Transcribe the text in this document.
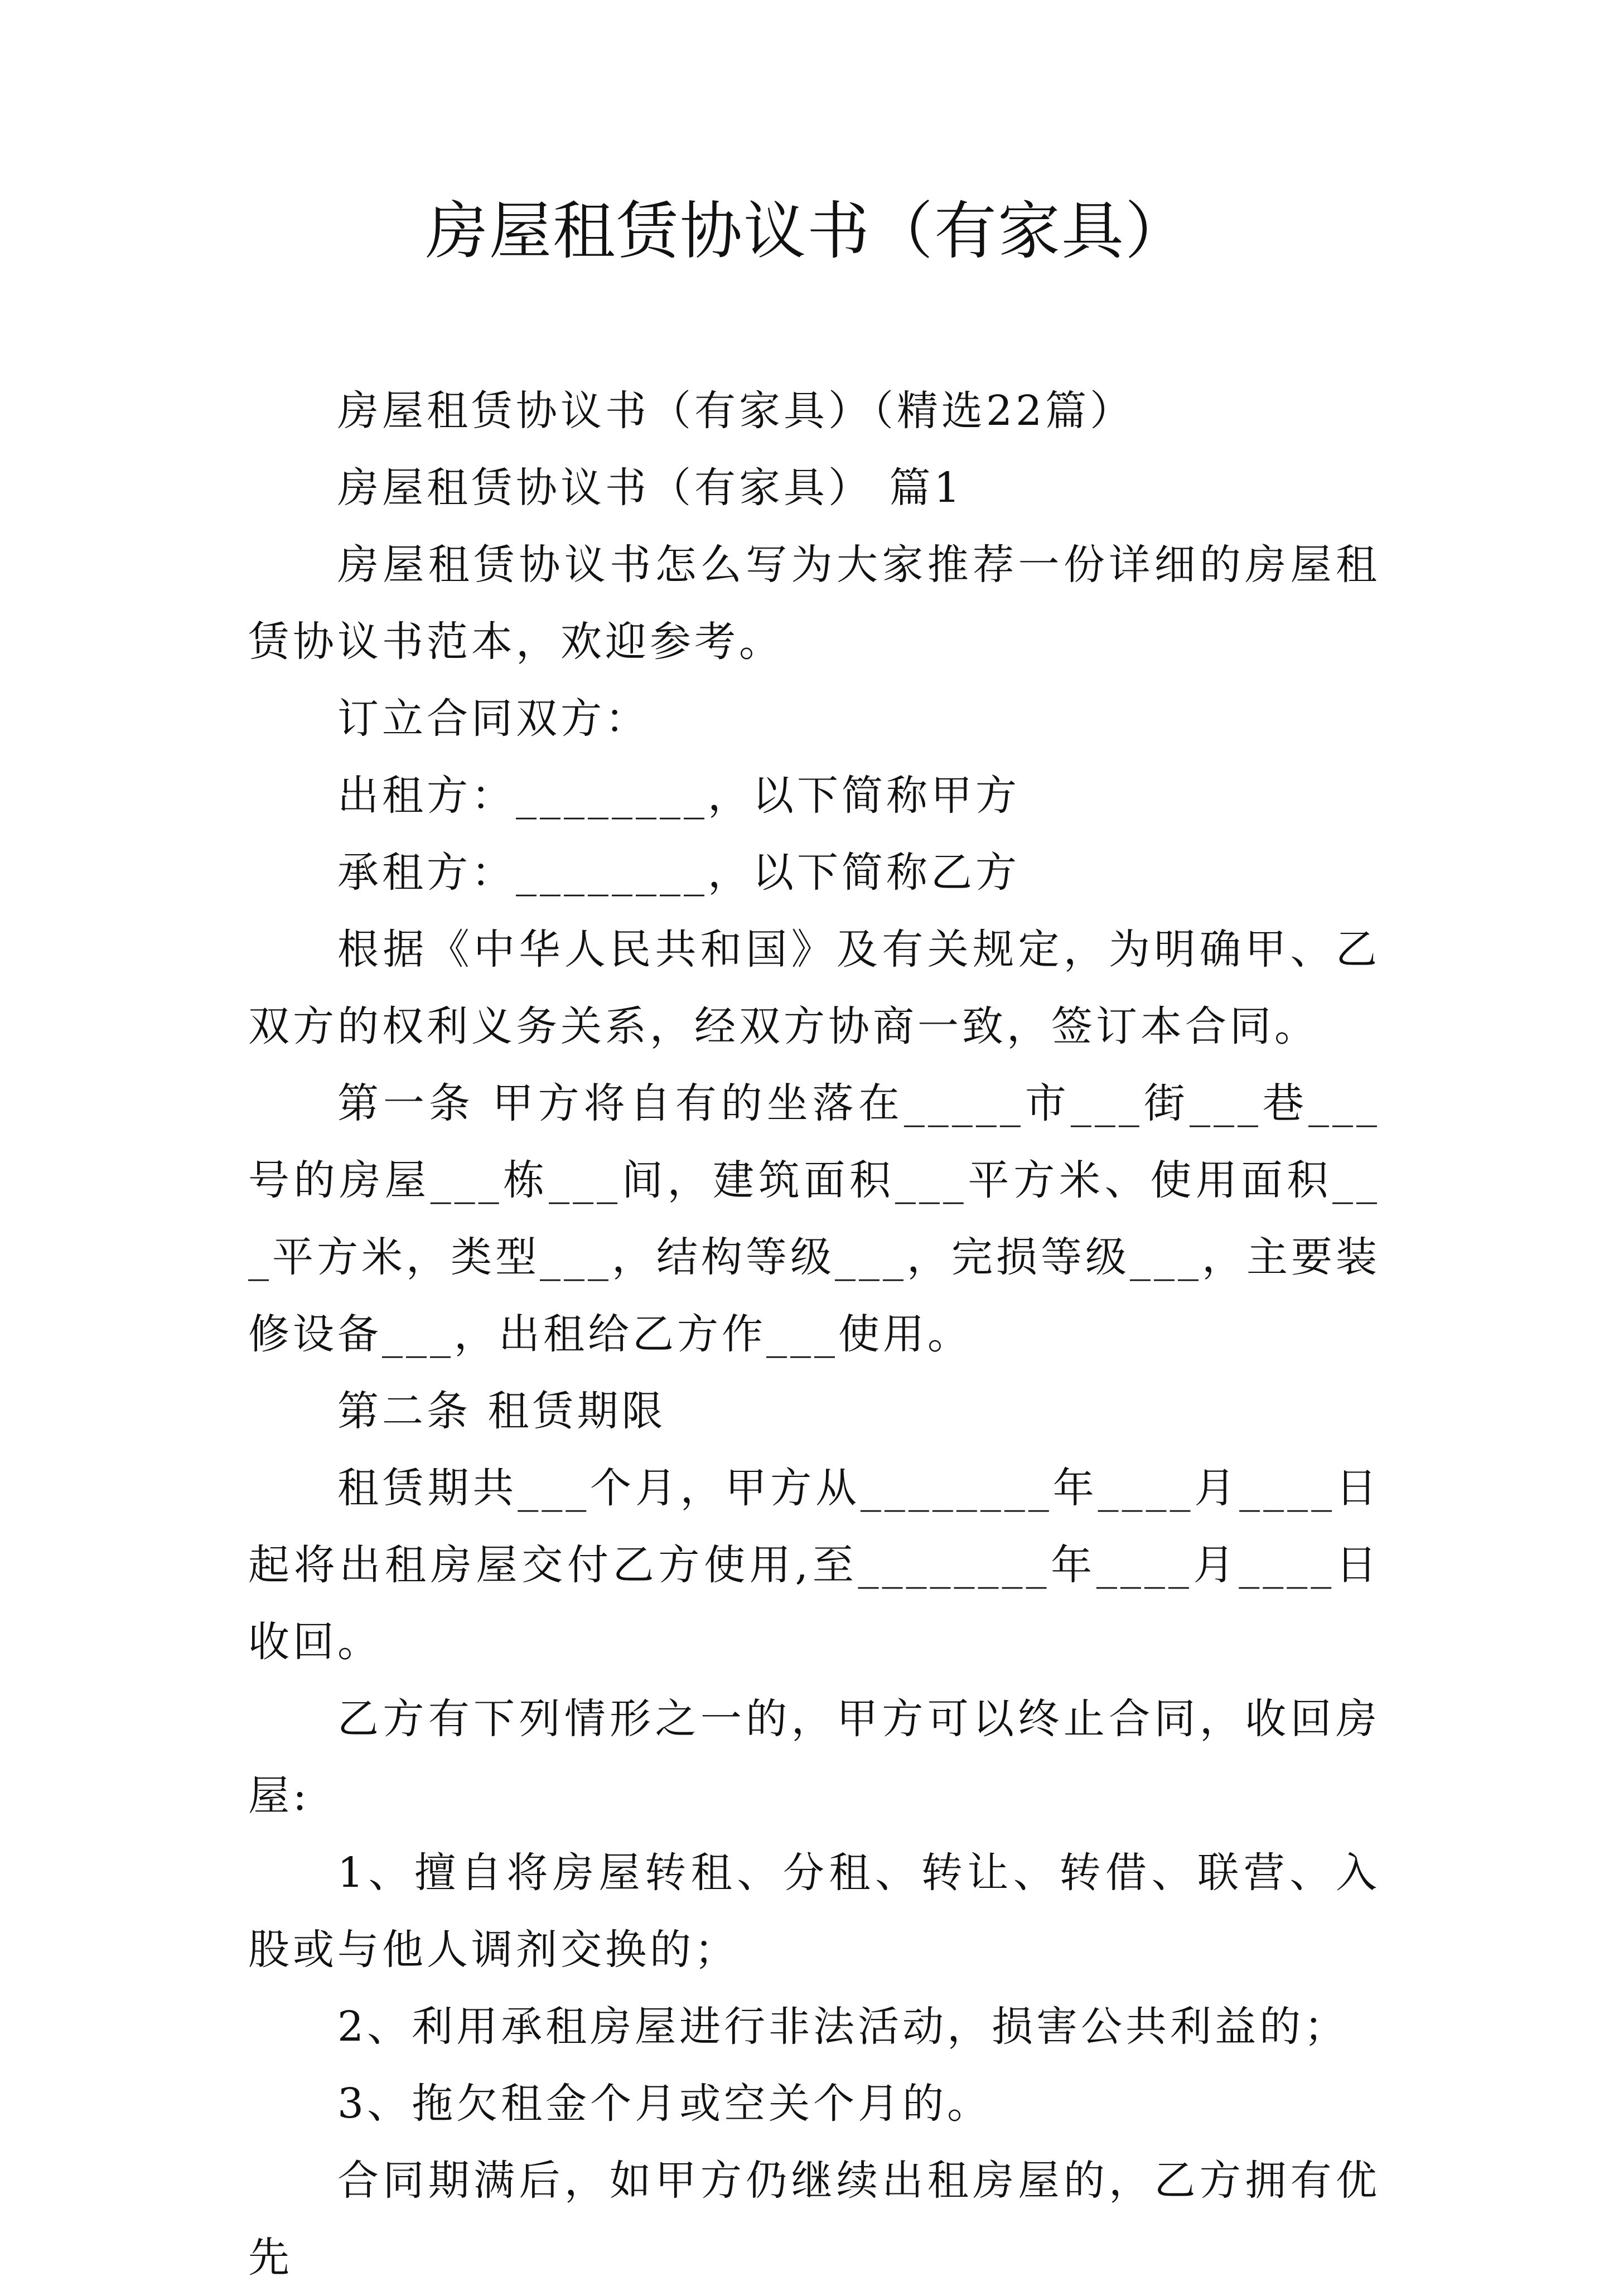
房屋租赁协议书（有家具）

房屋租赁协议书（有家具）（精选22篇）

房屋租赁协议书（有家具） 篇1

房屋租赁协议书怎么写为大家推荐一份详细的房屋租赁协议书范本，欢迎参考。

订立合同双方：

出租方：________，以下简称甲方

承租方：________，以下简称乙方

根据《中华人民共和国》及有关规定，为明确甲、乙双方的权利义务关系，经双方协商一致，签订本合同。

第一条 甲方将自有的坐落在_____市___街___巷___号的房屋___栋___间，建筑面积___平方米、使用面积___平方米，类型___，结构等级___，完损等级___，主要装修设备___，出租给乙方作___使用。

第二条 租赁期限

租赁期共___个月，甲方从________年____月____日起将出租房屋交付乙方使用,至________年____月____日收回。

乙方有下列情形之一的，甲方可以终止合同，收回房屋:

1、擅自将房屋转租、分租、转让、转借、联营、入股或与他人调剂交换的；

2、利用承租房屋进行非法活动，损害公共利益的；

3、拖欠租金个月或空关个月的。

合同期满后，如甲方仍继续出租房屋的，乙方拥有优先
